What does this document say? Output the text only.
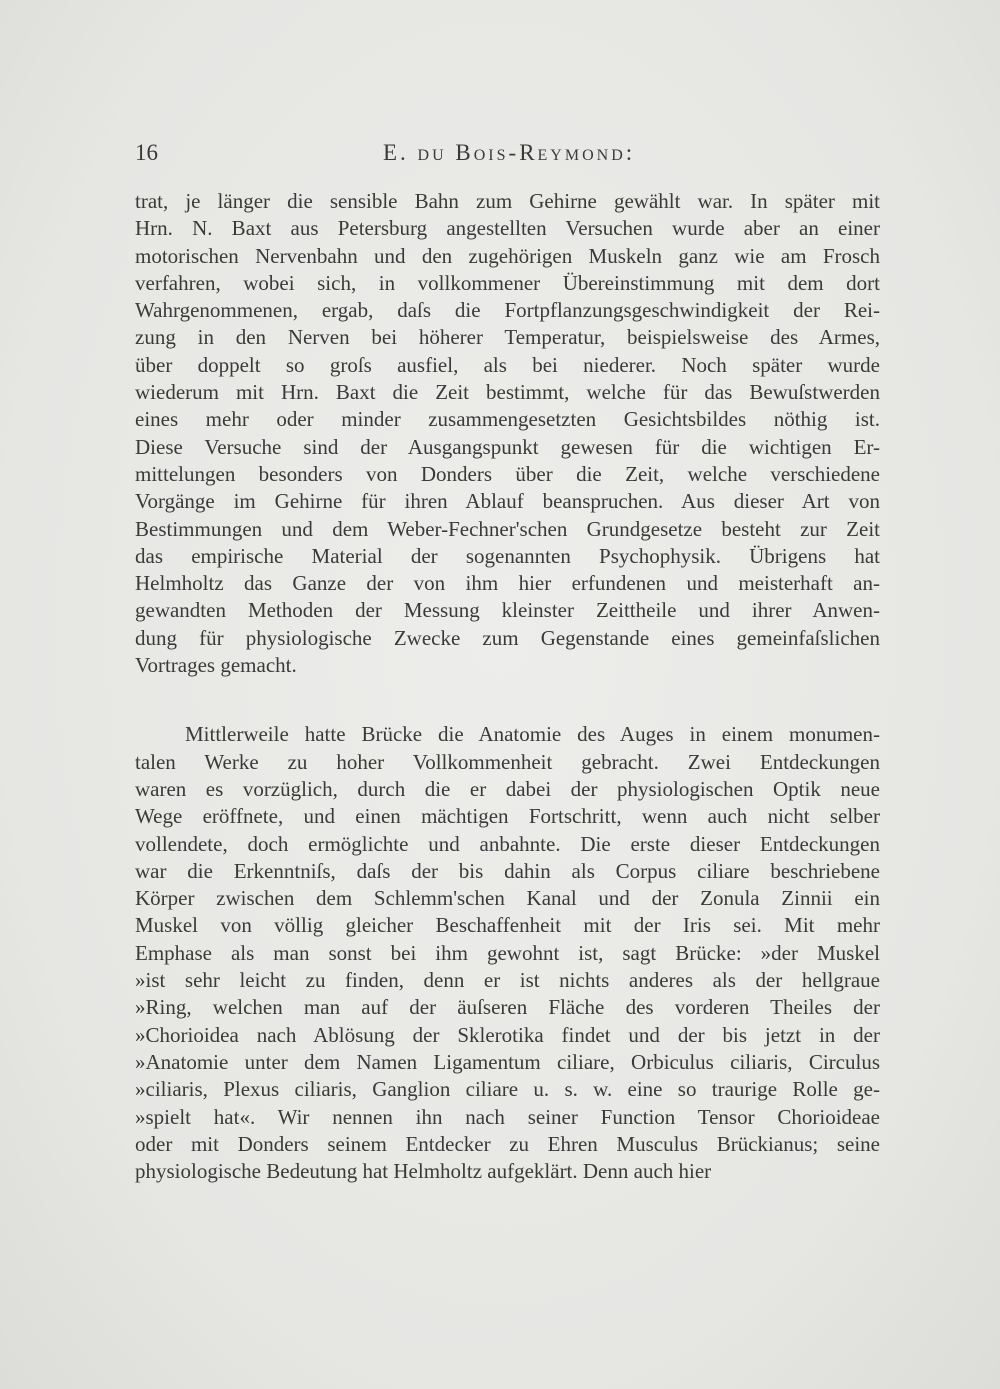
16	E. du Bois-Reymond:
trat, je länger die sensible Bahn zum Gehirne gewählt war. In später mit
Hrn. N. Baxt aus Petersburg angestellten Versuchen wurde aber an einer
motorischen Nervenbahn und den zugehörigen Muskeln ganz wie am Frosch
verfahren, wobei sich, in vollkommener Übereinstimmung mit dem dort
Wahrgenommenen, ergab, daſs die Fortpflanzungsgeschwindigkeit der Rei-
zung in den Nerven bei höherer Temperatur, beispielsweise des Armes,
über doppelt so groſs ausfiel, als bei niederer. Noch später wurde
wiederum mit Hrn. Baxt die Zeit bestimmt, welche für das Bewuſstwerden
eines mehr oder minder zusammengesetzten Gesichtsbildes nöthig ist.
Diese Versuche sind der Ausgangspunkt gewesen für die wichtigen Er-
mittelungen besonders von Donders über die Zeit, welche verschiedene
Vorgänge im Gehirne für ihren Ablauf beanspruchen. Aus dieser Art von
Bestimmungen und dem Weber-Fechner'schen Grundgesetze besteht zur Zeit
das empirische Material der sogenannten Psychophysik. Übrigens hat
Helmholtz das Ganze der von ihm hier erfundenen und meisterhaft an-
gewandten Methoden der Messung kleinster Zeittheile und ihrer Anwen-
dung für physiologische Zwecke zum Gegenstande eines gemeinfaſslichen
Vortrages gemacht.
Mittlerweile hatte Brücke die Anatomie des Auges in einem monumen-
talen Werke zu hoher Vollkommenheit gebracht. Zwei Entdeckungen
waren es vorzüglich, durch die er dabei der physiologischen Optik neue
Wege eröffnete, und einen mächtigen Fortschritt, wenn auch nicht selber
vollendete, doch ermöglichte und anbahnte. Die erste dieser Entdeckungen
war die Erkenntniſs, daſs der bis dahin als Corpus ciliare beschriebene
Körper zwischen dem Schlemm'schen Kanal und der Zonula Zinnii ein
Muskel von völlig gleicher Beschaffenheit mit der Iris sei. Mit mehr
Emphase als man sonst bei ihm gewohnt ist, sagt Brücke: »der Muskel
»ist sehr leicht zu finden, denn er ist nichts anderes als der hellgraue
»Ring, welchen man auf der äuſseren Fläche des vorderen Theiles der
»Chorioidea nach Ablösung der Sklerotika findet und der bis jetzt in der
»Anatomie unter dem Namen Ligamentum ciliare, Orbiculus ciliaris, Circulus
»ciliaris, Plexus ciliaris, Ganglion ciliare u. s. w. eine so traurige Rolle ge-
»spielt hat«. Wir nennen ihn nach seiner Function Tensor Chorioideae
oder mit Donders seinem Entdecker zu Ehren Musculus Brückianus; seine
physiologische Bedeutung hat Helmholtz aufgeklärt. Denn auch hier
